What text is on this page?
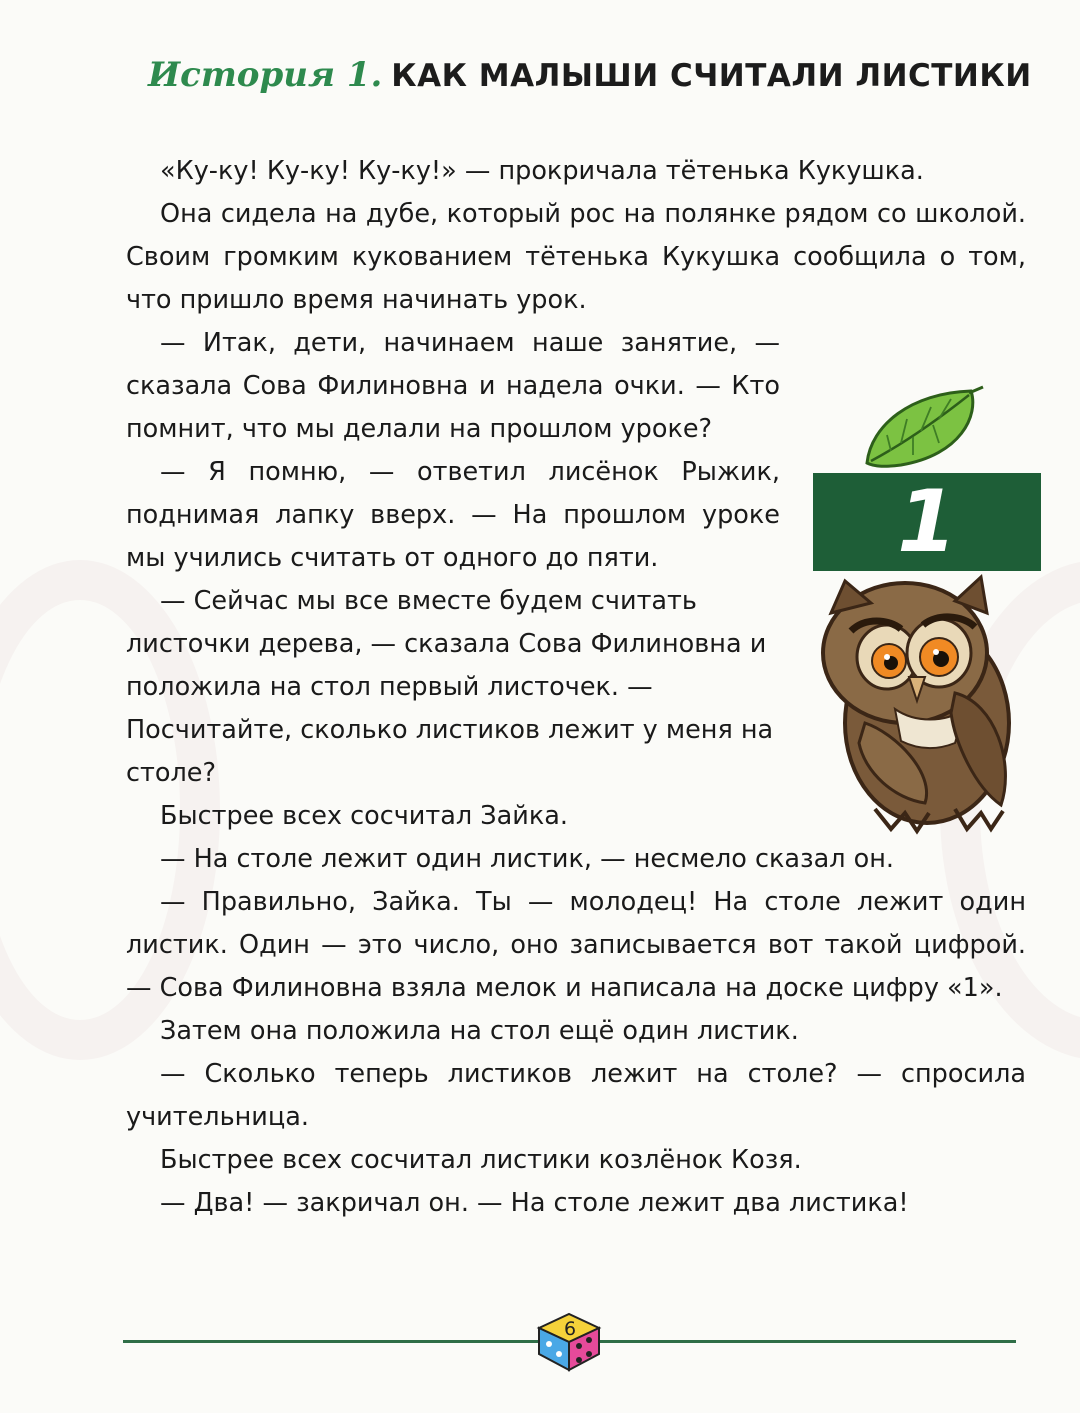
История 1. КАК МАЛЫШИ СЧИТАЛИ ЛИСТИКИ

«Ку-ку! Ку-ку! Ку-ку!» — прокричала тётенька Кукушка.

Она сидела на дубе, который рос на полянке рядом со школой. Своим громким кукованием тётенька Кукушка сообщила о том, что пришло время начинать урок.

— Итак, дети, начинаем наше занятие, — сказала Сова Филиновна и надела очки. — Кто помнит, что мы делали на прошлом уроке?

— Я помню, — ответил лисёнок Рыжик, поднимая лапку вверх. — На прошлом уроке мы учились считать от одного до пяти.

— Сейчас мы все вместе будем считать листочки дерева, — сказала Сова Филиновна и положила на стол первый листочек. — Посчитайте, сколько листиков лежит у меня на столе?

Быстрее всех сосчитал Зайка.

— На столе лежит один листик, — несмело сказал он.

— Правильно, Зайка. Ты — молодец! На столе лежит один листик. Один — это число, оно записывается вот такой цифрой. — Сова Филиновна взяла мелок и написала на доске цифру «1».

Затем она положила на стол ещё один листик.

— Сколько теперь листиков лежит на столе? — спросила учительница.

Быстрее всех сосчитал листики козлёнок Козя.

— Два! — закричал он. — На столе лежит два листика!

1
6
